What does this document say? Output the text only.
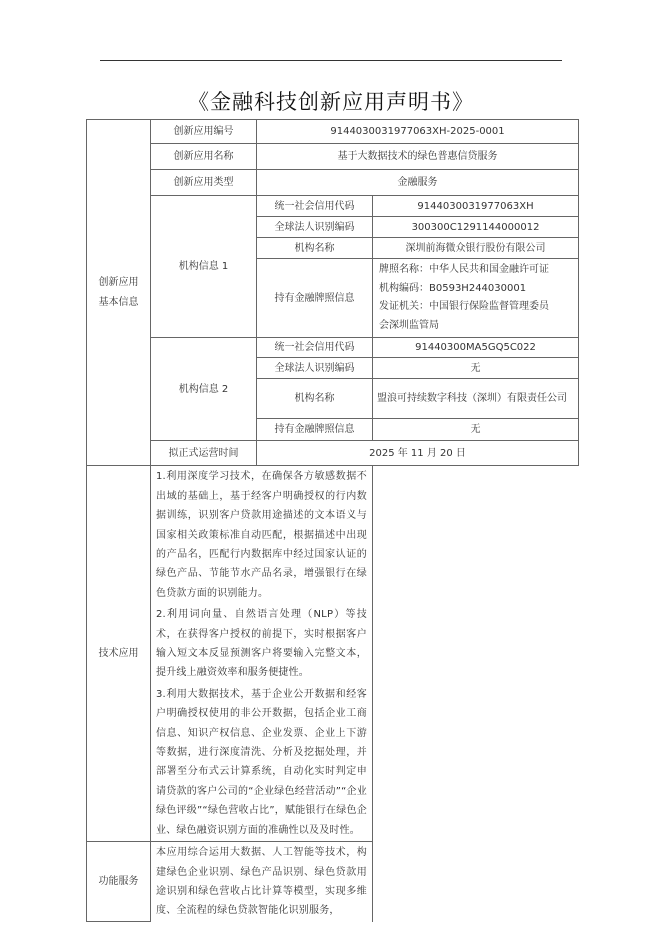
《金融科技创新应用声明书》
创新应用
基本信息	创新应用编号	9144030031977063XH-2025-0001	
	创新应用名称	基于大数据技术的绿色普惠信贷服务	
	创新应用类型	金融服务	
	机构信息 1	统一社会信用代码	9144030031977063XH
		全球法人识别编码	300300C1291144000012
		机构名称	深圳前海微众银行股份有限公司
		持有金融牌照信息	牌照名称：中华人民共和国金融许可证
机构编码：B0593H244030001
发证机关：中国银行保险监督管理委员
会深圳监管局

	机构信息 2	统一社会信用代码	91440300MA5GQ5C022
		全球法人识别编码	无
		机构名称	盟浪可持续数字科技（深圳）有限责任公司
		持有金融牌照信息	无
	拟正式运营时间	2025 年 11 月 20 日	
技术应用	1.利用深度学习技术，在确保各方敏感数据不出域的基础上，基于经客户明确授权的行内数据训练，识别客户贷款用途描述的文本语义与国家相关政策标准自动匹配，根据描述中出现的产品名，匹配行内数据库中经过国家认证的绿色产品、节能节水产品名录，增强银行在绿色贷款方面的识别能力。
2.利用词向量、自然语言处理（NLP）等技术，在获得客户授权的前提下，实时根据客户输入短文本反显预测客户将要输入完整文本，提升线上融资效率和服务便捷性。
3.利用大数据技术，基于企业公开数据和经客户明确授权使用的非公开数据，包括企业工商信息、知识产权信息、企业发票、企业上下游等数据，进行深度清洗、分析及挖掘处理，并部署至分布式云计算系统，自动化实时判定申请贷款的客户公司的“企业绿色经营活动”“企业绿色评级”“绿色营收占比”，赋能银行在绿色企业、绿色融资识别方面的准确性以及及时性。		

功能服务	本应用综合运用大数据、人工智能等技术，构建绿色企业识别、绿色产品识别、绿色贷款用途识别和绿色营收占比计算等模型，实现多维度、全流程的绿色贷款智能化识别服务，		
